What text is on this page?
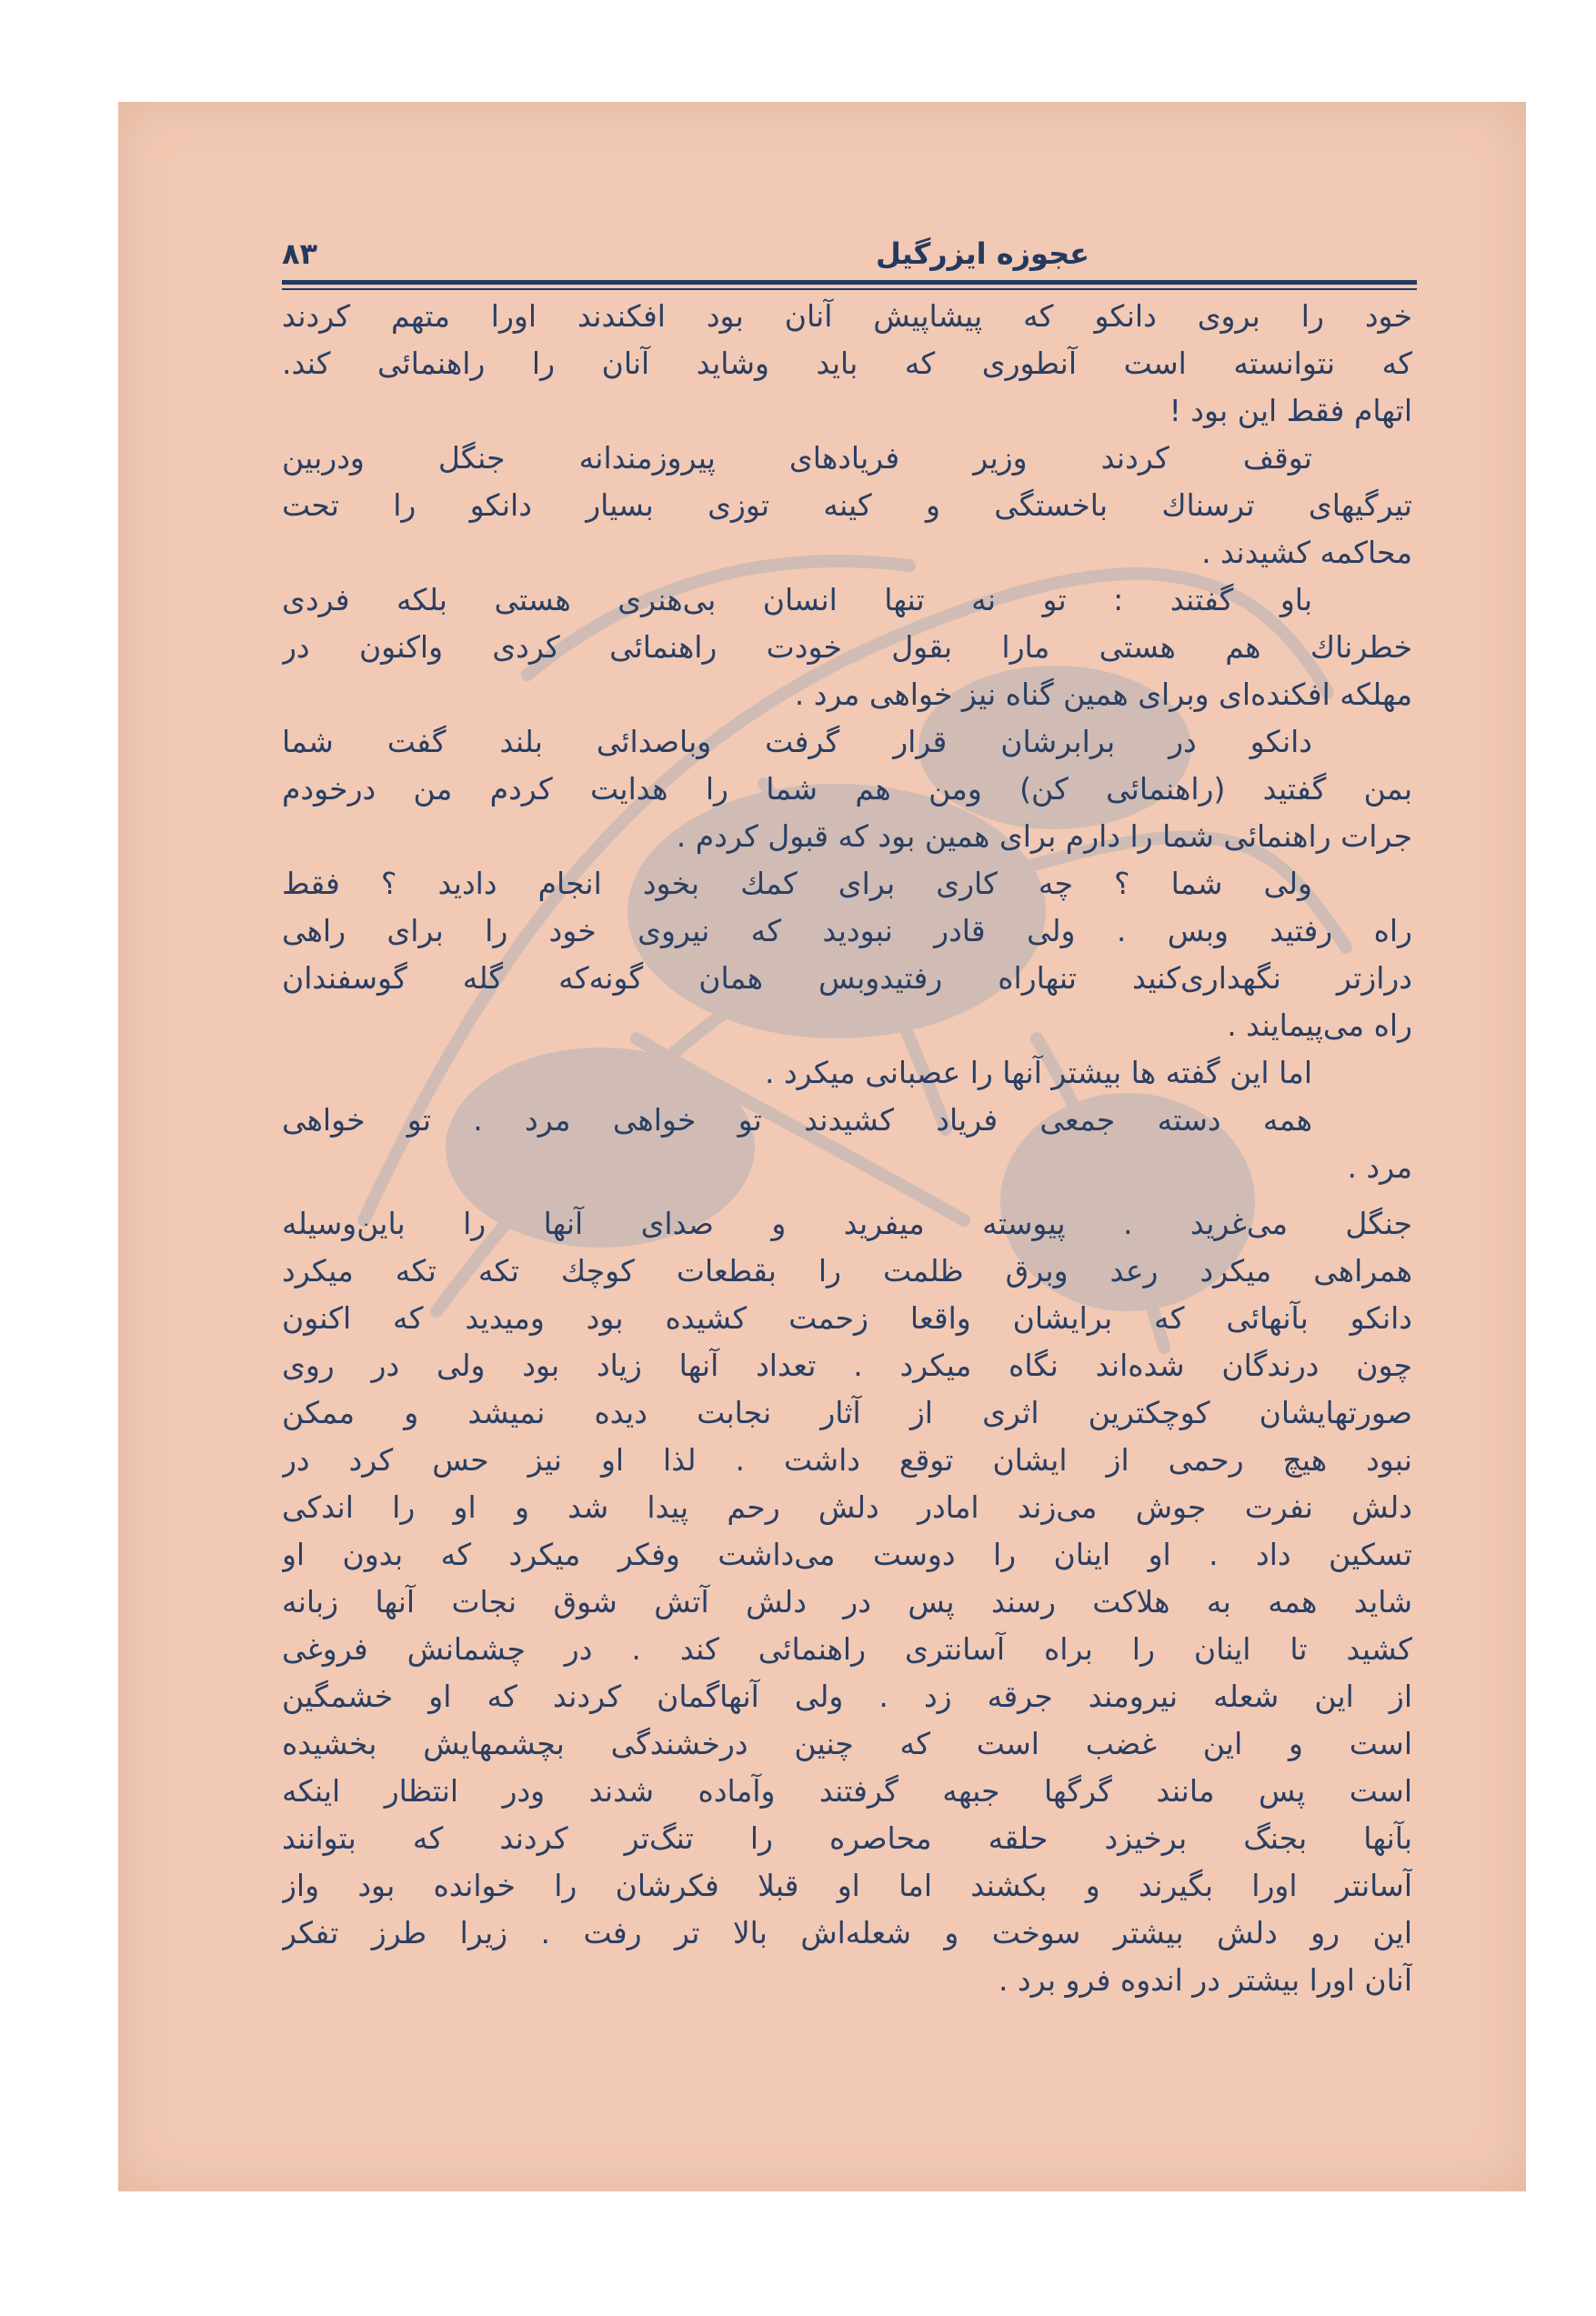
عجوزه ایزرگیل
۸۳
خود را بروی دانکو که پیشاپیش آنان بود افکندند اورا متهم کردند
که نتوانسته است آنطوری که باید وشاید آنان را راهنمائی کند.
اتهام فقط این بود !
توقف کردند وزیر فریادهای پیروزمندانه جنگل ودربین
تیرگیهای ترسناك باخستگی و کینه توزی بسیار دانکو را تحت
محاکمه کشیدند .
باو گفتند : تو نه تنها انسان بی‌هنری هستی بلکه فردی
خطرناك هم هستی مارا بقول خودت راهنمائی کردی واکنون در
مهلکه افکنده‌ای وبرای همین گناه نیز خواهی مرد .
دانکو در برابرشان قرار گرفت وباصدائی بلند گفت شما
بمن گفتید (راهنمائی کن) ومن هم شما را هدایت کردم من درخودم
جرات راهنمائی شما را دارم برای همین بود که قبول کردم .
ولی شما ؟ چه کاری برای کمك بخود انجام دادید ؟ فقط
راه رفتید وبس . ولی قادر نبودید که نیروی خود را برای راهی
درازتر نگهداری‌کنید تنهاراه رفتیدوبس همان گونه‌که گله گوسفندان
راه می‌پیمایند .
اما این گفته ها بیشتر آنها را عصبانی میکرد .
همه دسته جمعی فریاد کشیدند تو خواهی مرد . تو خواهی
مرد .
جنگل می‌غرید . پیوسته میفرید و صدای آنها را باین‌وسیله
همراهی میکرد رعد وبرق ظلمت را بقطعات کوچك تکه تکه میکرد
دانکو بآنهائی که برایشان واقعا زحمت کشیده بود ومیدید که اکنون
چون درندگان شده‌اند نگاه میکرد . تعداد آنها زیاد بود ولی در روی
صورتهایشان کوچکترین اثری از آثار نجابت دیده نمیشد و ممکن
نبود هیچ رحمی از ایشان توقع داشت . لذا او نیز حس کرد در
دلش نفرت جوش می‌زند امادر دلش رحم پیدا شد و او را اندکی
تسکین داد . او اینان را دوست می‌داشت وفکر میکرد که بدون او
شاید همه به هلاکت رسند پس در دلش آتش شوق نجات آنها زبانه
کشید تا اینان را براه آسانتری راهنمائی کند . در چشمانش فروغی
از این شعله نیرومند جرقه زد . ولی آنهاگمان کردند که او خشمگین
است و این غضب است که چنین درخشندگی بچشمهایش بخشیده
است پس مانند گرگها جبهه گرفتند وآماده شدند ودر انتظار اینکه
بآنها بجنگ برخیزد حلقه محاصره را تنگ‌تر کردند که بتوانند
آسانتر اورا بگیرند و بکشند اما او قبلا فکرشان را خوانده بود واز
این رو دلش بیشتر سوخت و شعله‌اش بالا تر رفت . زیرا طرز تفکر
آنان اورا بیشتر در اندوه فرو برد .
